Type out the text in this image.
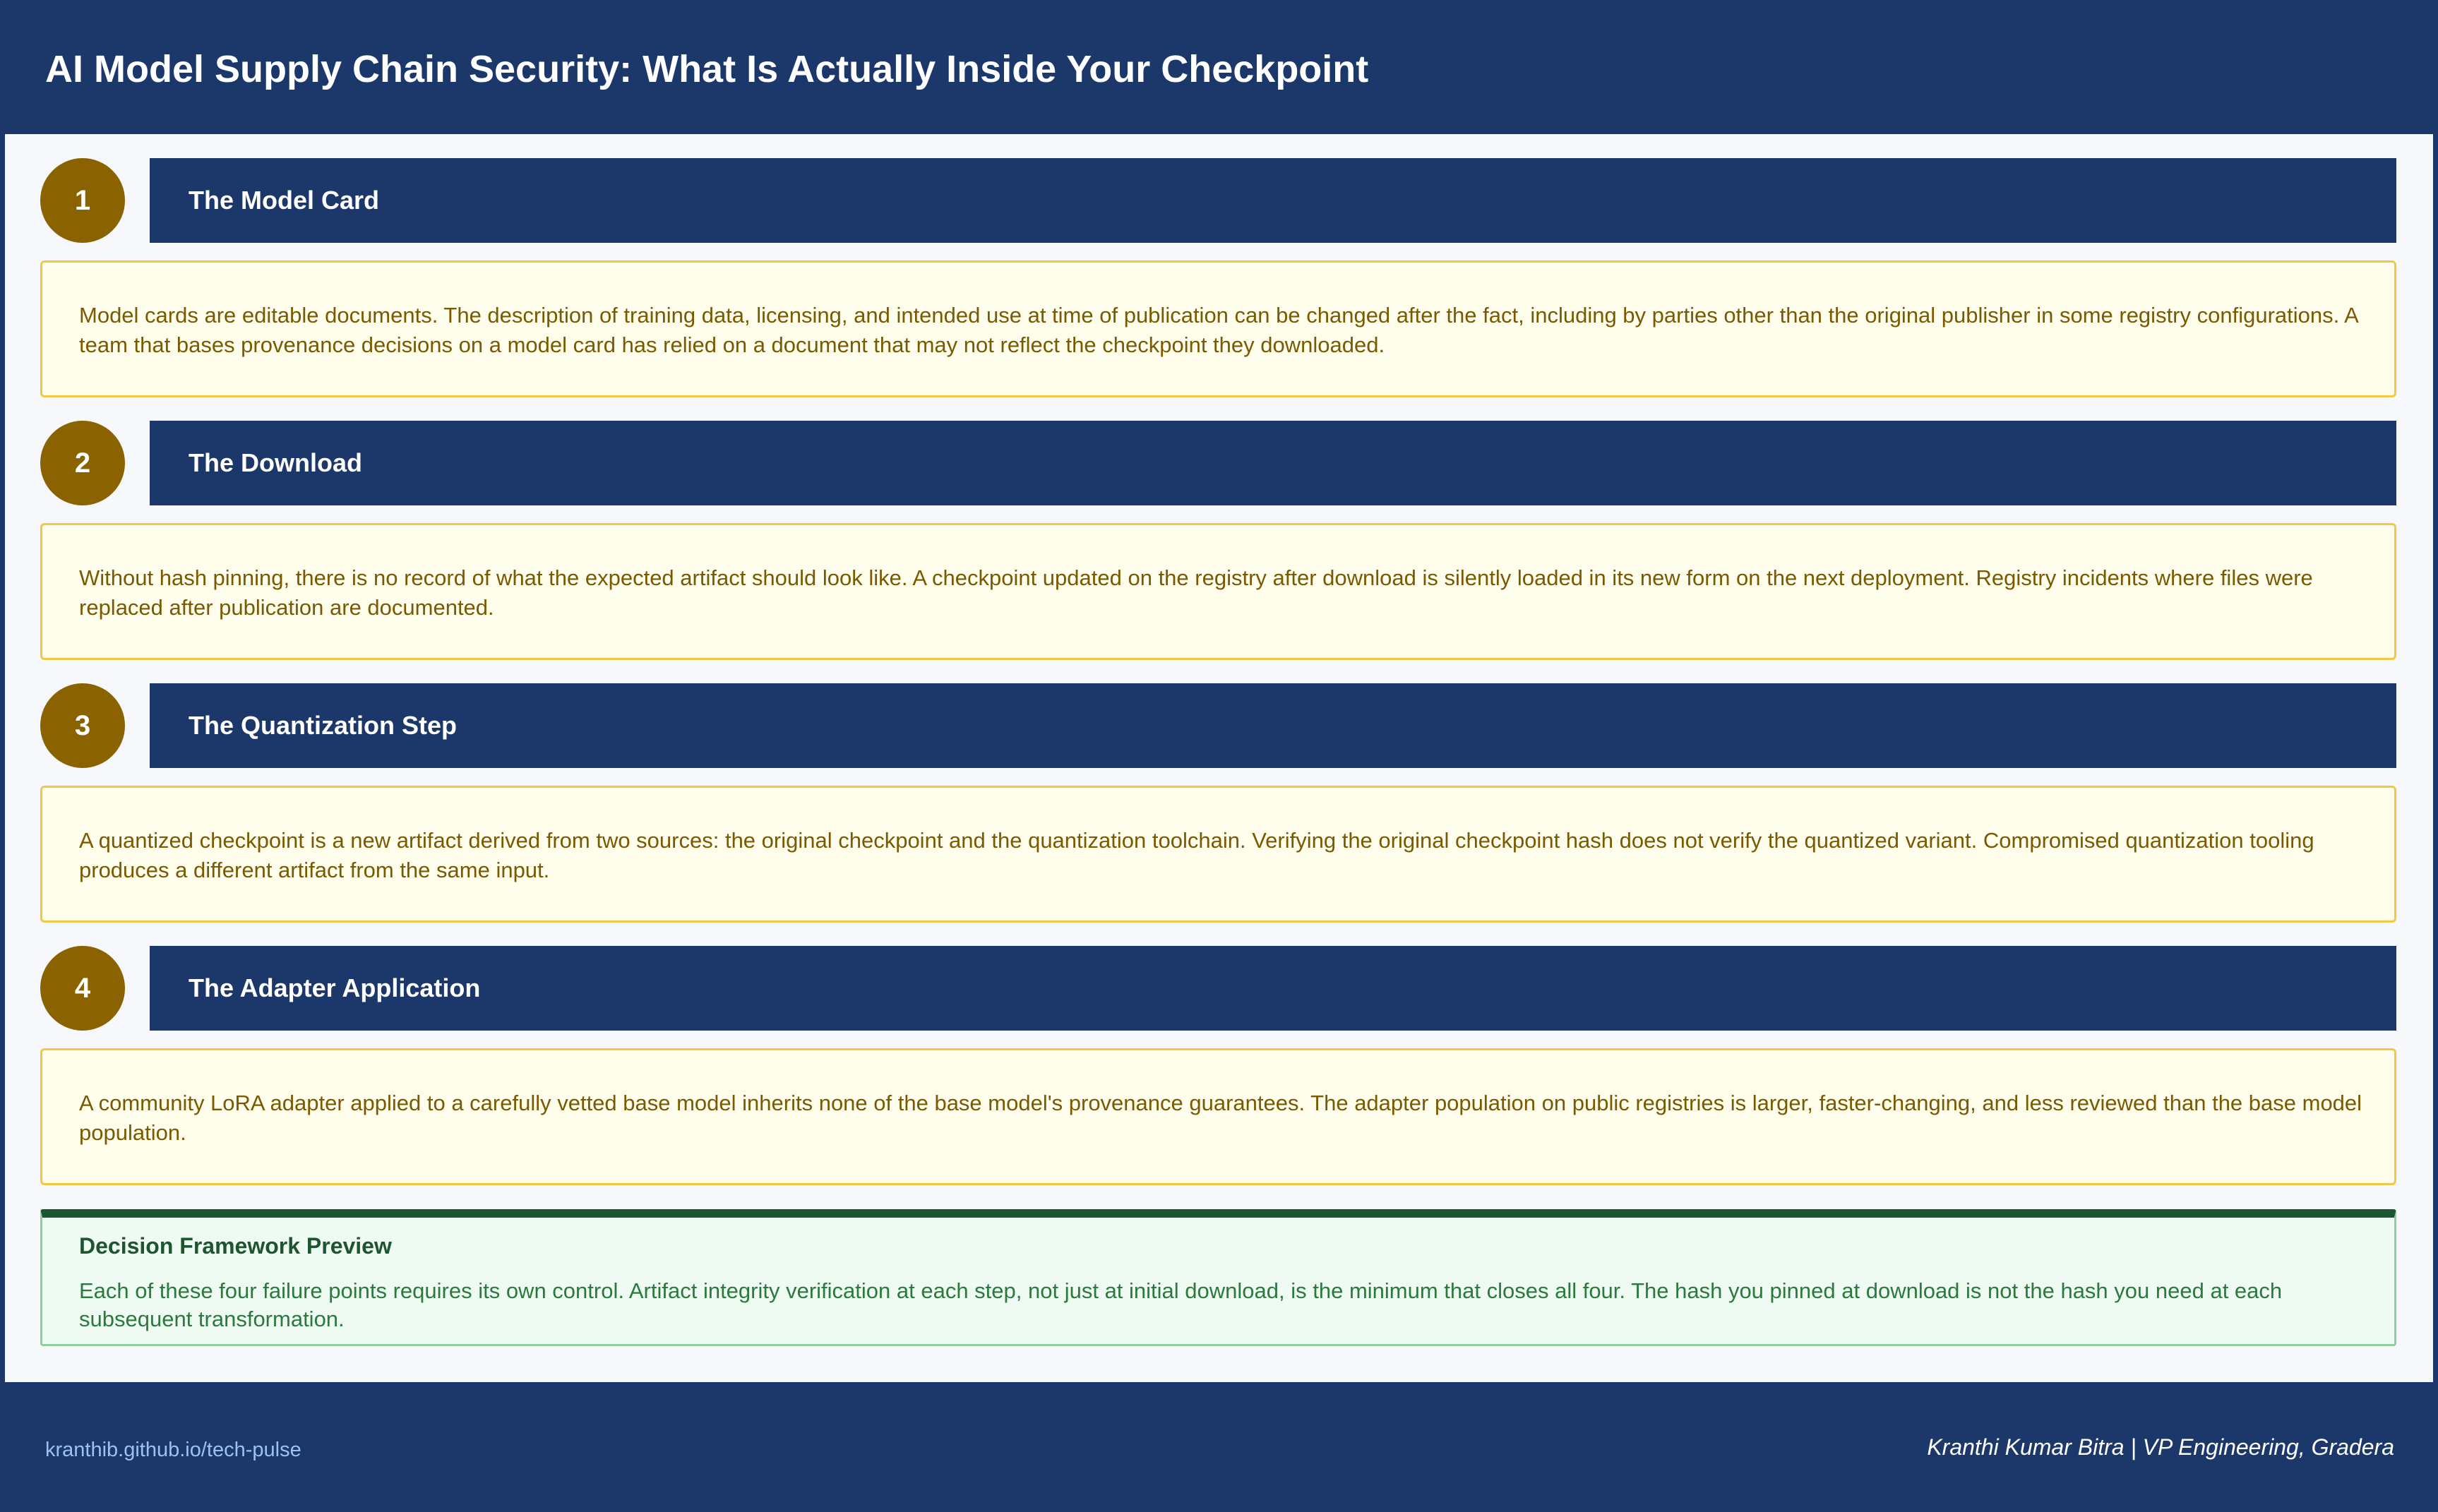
AI Model Supply Chain Security: What Is Actually Inside Your Checkpoint
1	The Model Card
Model cards are editable documents. The description of training data, licensing, and intended use at time of publication can be changed after the fact, including by parties other than the original publisher in some registry configurations. A team that bases provenance decisions on a model card has relied on a document that may not reflect the checkpoint they downloaded.
2	The Download
Without hash pinning, there is no record of what the expected artifact should look like. A checkpoint updated on the registry after download is silently loaded in its new form on the next deployment. Registry incidents where files were replaced after publication are documented.
3	The Quantization Step
A quantized checkpoint is a new artifact derived from two sources: the original checkpoint and the quantization toolchain. Verifying the original checkpoint hash does not verify the quantized variant. Compromised quantization tooling produces a different artifact from the same input.
4	The Adapter Application
A community LoRA adapter applied to a carefully vetted base model inherits none of the base model's provenance guarantees. The adapter population on public registries is larger, faster-changing, and less reviewed than the base model population.
Decision Framework Preview
Each of these four failure points requires its own control. Artifact integrity verification at each step, not just at initial download, is the minimum that closes all four. The hash you pinned at download is not the hash you need at each subsequent transformation.
kranthib.github.io/tech-pulse	Kranthi Kumar Bitra | VP Engineering, Gradera
